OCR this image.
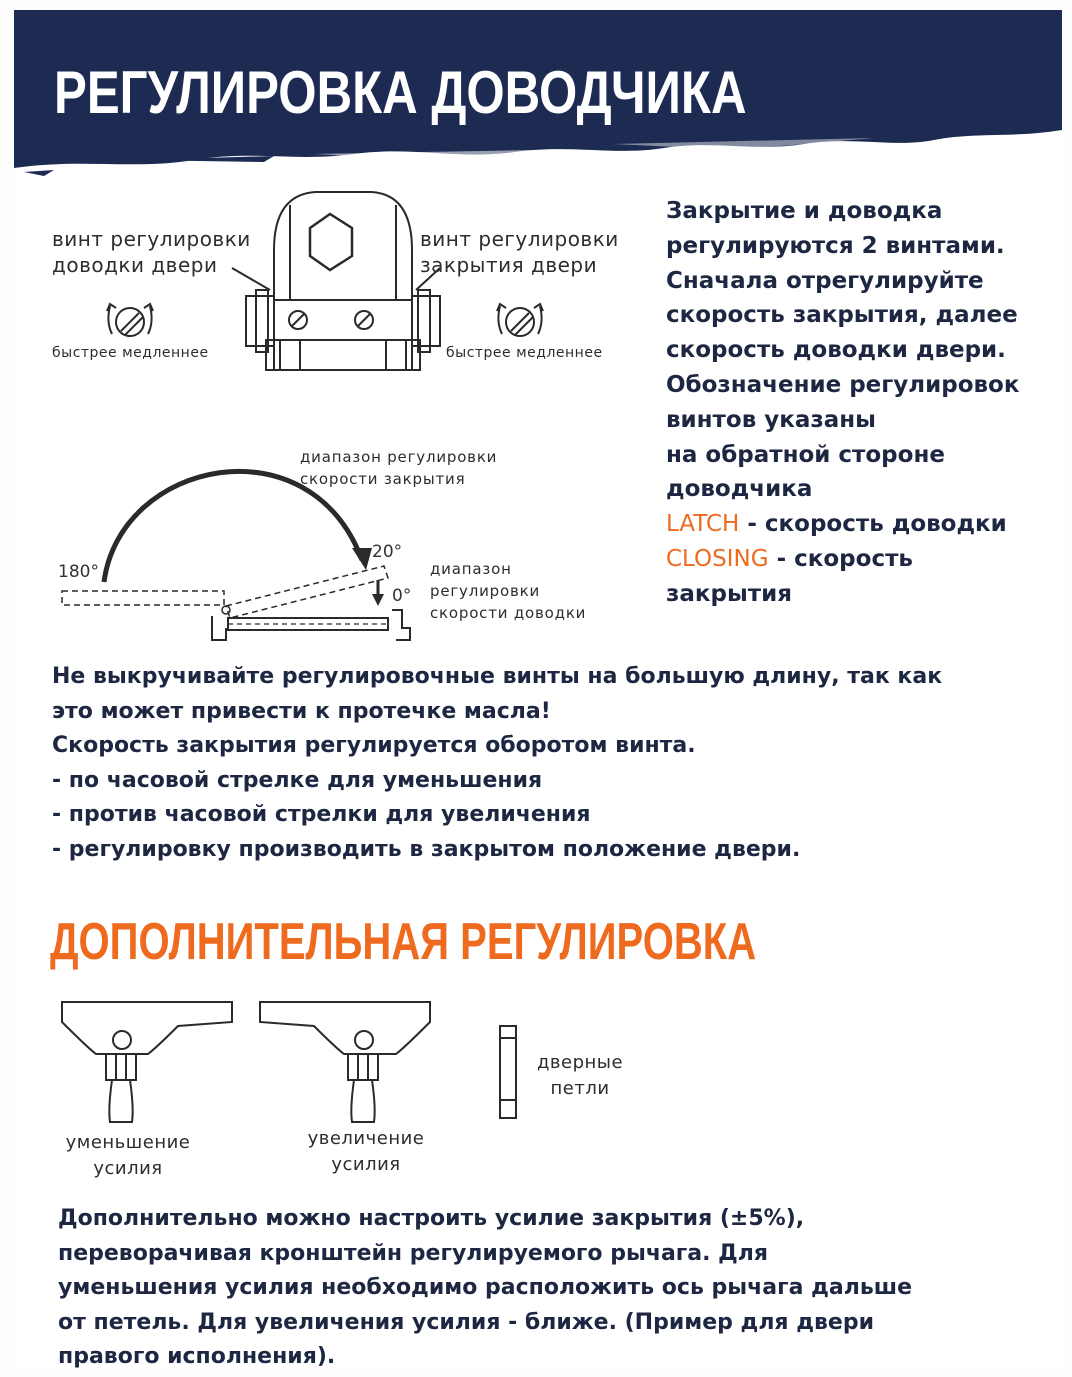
РЕГУЛИРОВКА ДОВОДЧИКА
винт регулировки
доводки двери
винт регулировки
закрытия двери
быстрее медленнее	быстрее медленнее
диапазон регулировки
скорости закрытия
диапазон
регулировки
скорости доводки
180°
20°
0°
Закрытие и доводка
регулируются 2 винтами.
Сначала отрегулируйте
скорость закрытия, далее
скорость доводки двери.
Обозначение регулировок
винтов указаны
на обратной стороне
доводчика
LATCH - скорость доводки
CLOSING - скорость
закрытия
Не выкручивайте регулировочные винты на большую длину, так как
это может привести к протечке масла!
Скорость закрытия регулируется оборотом винта.
- по часовой стрелке для уменьшения
- против часовой стрелки для увеличения
- регулировку производить в закрытом положение двери.
ДОПОЛНИТЕЛЬНАЯ РЕГУЛИРОВКА
уменьшение
усилия
увеличение
усилия
дверные
петли
Дополнительно можно настроить усилие закрытия (±5%),
переворачивая кронштейн регулируемого рычага. Для
уменьшения усилия необходимо расположить ось рычага дальше
от петель. Для увеличения усилия - ближе. (Пример для двери
правого исполнения).
